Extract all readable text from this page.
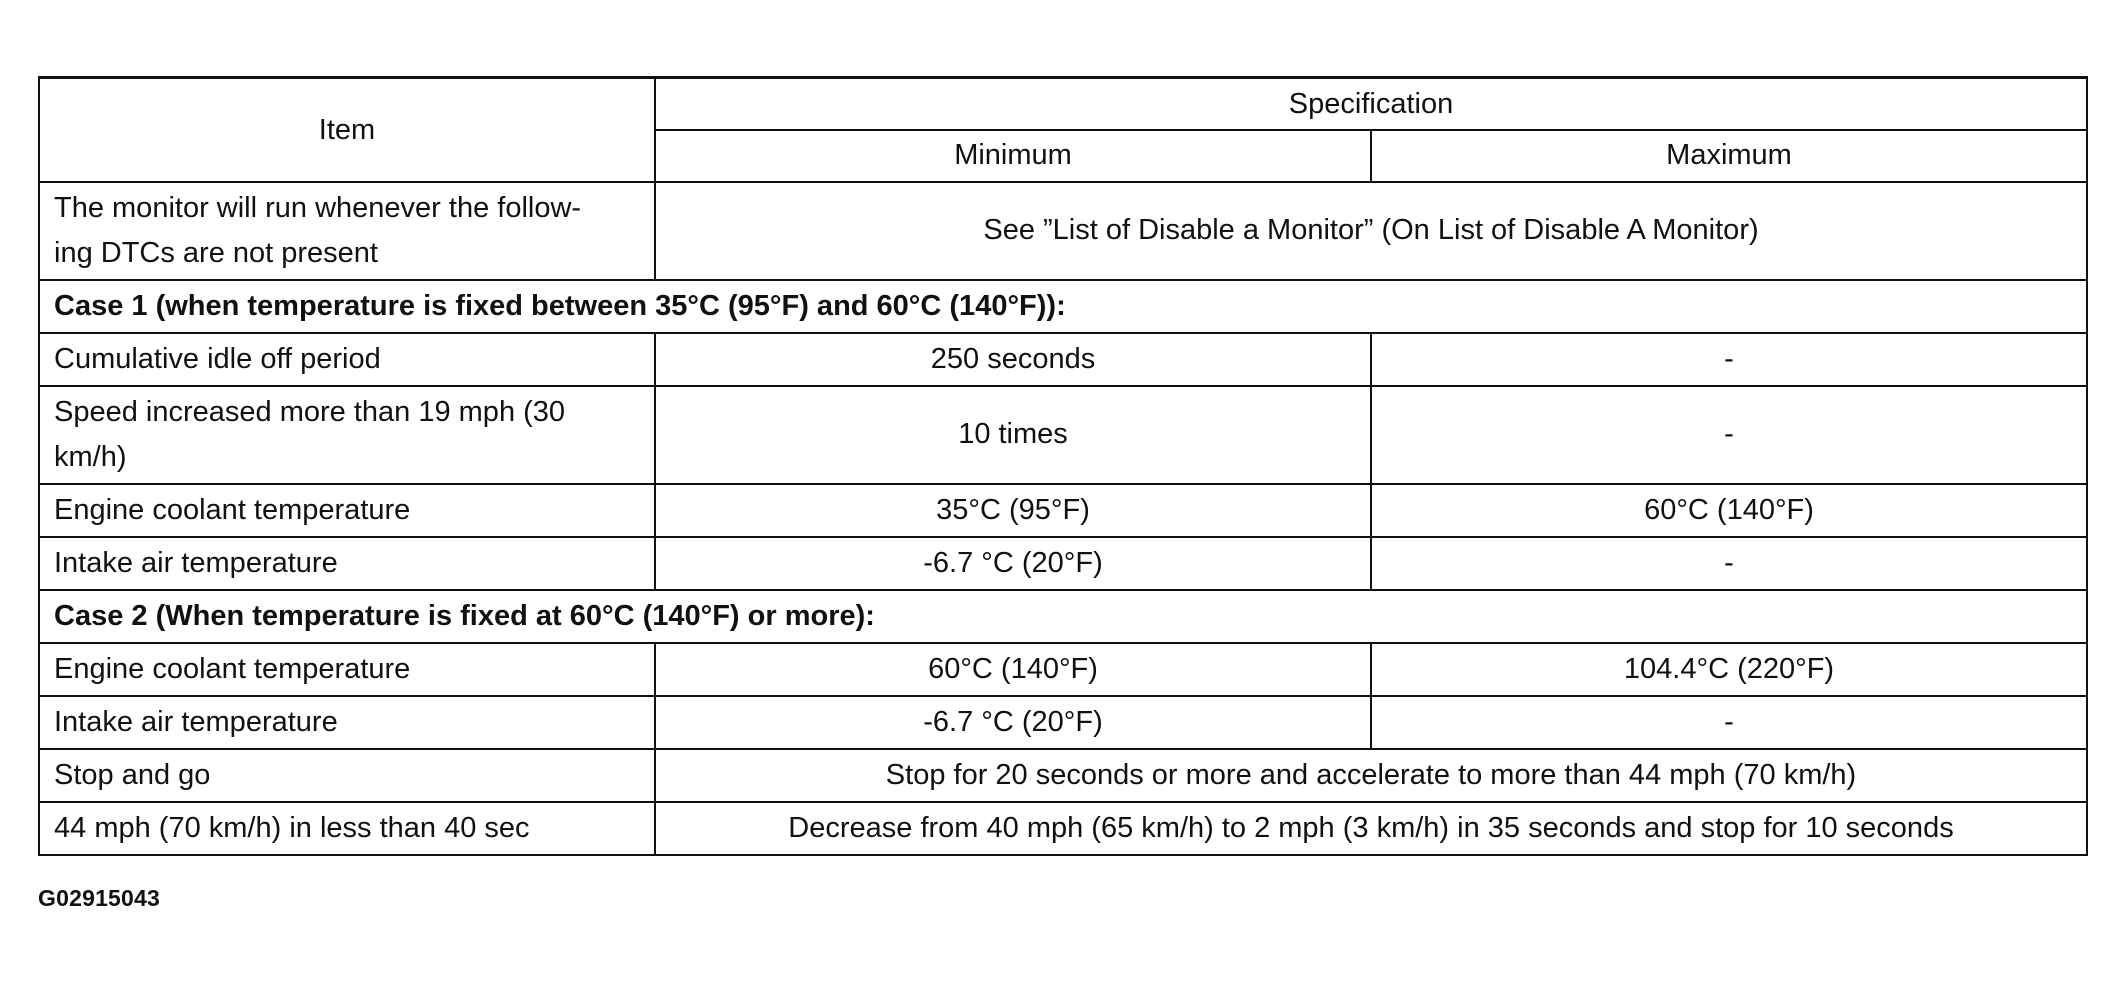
Item	Specification	
	Minimum	Maximum
The monitor will run whenever the follow-
ing DTCs are not present	See ”List of Disable a Monitor” (On List of Disable A Monitor)	
Case 1 (when temperature is fixed between 35°C (95°F) and 60°C (140°F)):		
Cumulative idle off period	250 seconds	-
Speed increased more than 19 mph (30
km/h)	10 times	-
Engine coolant temperature	35°C (95°F)	60°C (140°F)
Intake air temperature	-6.7 °C (20°F)	-
Case 2 (When temperature is fixed at 60°C (140°F) or more):		
Engine coolant temperature	60°C (140°F)	104.4°C (220°F)
Intake air temperature	-6.7 °C (20°F)	-
Stop and go	Stop for 20 seconds or more and accelerate to more than 44 mph (70 km/h)	
44 mph (70 km/h) in less than 40 sec	Decrease from 40 mph (65 km/h) to 2 mph (3 km/h) in 35 seconds and stop for 10 seconds	
G02915043
